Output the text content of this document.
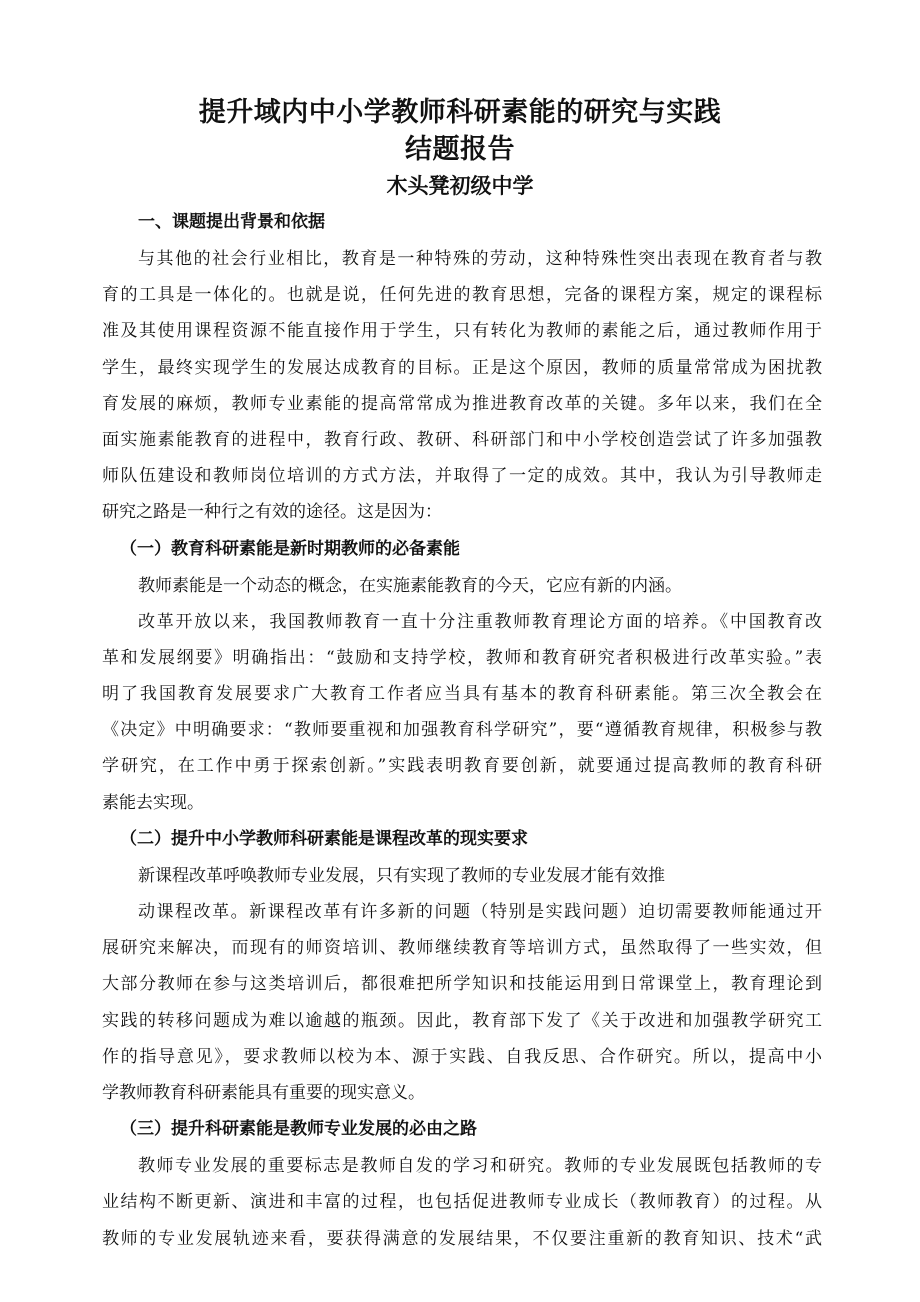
提升域内中小学教师科研素能的研究与实践
结题报告
木头凳初级中学
一、课题提出背景和依据
与其他的社会行业相比，教育是一种特殊的劳动，这种特殊性突出表现在教育者与教
育的工具是一体化的。也就是说，任何先进的教育思想，完备的课程方案，规定的课程标
准及其使用课程资源不能直接作用于学生，只有转化为教师的素能之后，通过教师作用于
学生，最终实现学生的发展达成教育的目标。正是这个原因，教师的质量常常成为困扰教
育发展的麻烦，教师专业素能的提高常常成为推进教育改革的关键。多年以来，我们在全
面实施素能教育的进程中，教育行政、教研、科研部门和中小学校创造尝试了许多加强教
师队伍建设和教师岗位培训的方式方法，并取得了一定的成效。其中，我认为引导教师走
研究之路是一种行之有效的途径。这是因为：
（一）教育科研素能是新时期教师的必备素能
教师素能是一个动态的概念，在实施素能教育的今天，它应有新的内涵。
改革开放以来，我国教师教育一直十分注重教师教育理论方面的培养。《中国教育改
革和发展纲要》明确指出：“鼓励和支持学校，教师和教育研究者积极进行改革实验。”表
明了我国教育发展要求广大教育工作者应当具有基本的教育科研素能。第三次全教会在
《决定》中明确要求：“教师要重视和加强教育科学研究”，要“遵循教育规律，积极参与教
学研究，在工作中勇于探索创新。”实践表明教育要创新，就要通过提高教师的教育科研
素能去实现。
（二）提升中小学教师科研素能是课程改革的现实要求
新课程改革呼唤教师专业发展，只有实现了教师的专业发展才能有效推
动课程改革。新课程改革有许多新的问题（特别是实践问题）迫切需要教师能通过开
展研究来解决，而现有的师资培训、教师继续教育等培训方式，虽然取得了一些实效，但
大部分教师在参与这类培训后，都很难把所学知识和技能运用到日常课堂上，教育理论到
实践的转移问题成为难以逾越的瓶颈。因此，教育部下发了《关于改进和加强教学研究工
作的指导意见》，要求教师以校为本、源于实践、自我反思、合作研究。所以，提高中小
学教师教育科研素能具有重要的现实意义。
（三）提升科研素能是教师专业发展的必由之路
教师专业发展的重要标志是教师自发的学习和研究。教师的专业发展既包括教师的专
业结构不断更新、演进和丰富的过程，也包括促进教师专业成长（教师教育）的过程。从
教师的专业发展轨迹来看，要获得满意的发展结果，不仅要注重新的教育知识、技术“武
